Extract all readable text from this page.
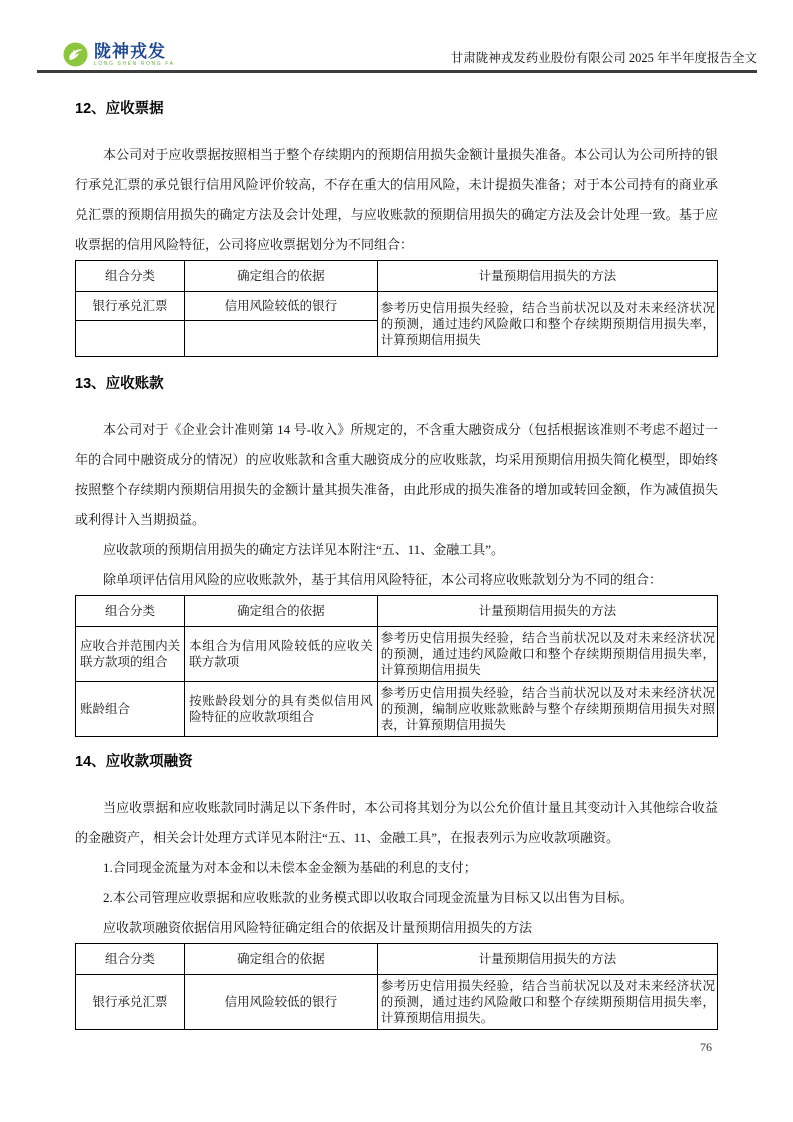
陇神戎发
LONG SHEN RONG FA	甘肃陇神戎发药业股份有限公司 2025 年半年度报告全文
12、应收票据

本公司对于应收票据按照相当于整个存续期内的预期信用损失金额计量损失准备。本公司认为公司所持的银行承兑汇票的承兑银行信用风险评价较高，不存在重大的信用风险，未计提损失准备；对于本公司持有的商业承兑汇票的预期信用损失的确定方法及会计处理，与应收账款的预期信用损失的确定方法及会计处理一致。基于应收票据的信用风险特征，公司将应收票据划分为不同组合：

组合分类	确定组合的依据	计量预期信用损失的方法
银行承兑汇票	信用风险较低的银行	参考历史信用损失经验，结合当前状况以及对未来经济状况的预测，通过违约风险敞口和整个存续期预期信用损失率，计算预期信用损失

13、应收账款

本公司对于《企业会计准则第 14 号-收入》所规定的，不含重大融资成分（包括根据该准则不考虑不超过一年的合同中融资成分的情况）的应收账款和含重大融资成分的应收账款，均采用预期信用损失简化模型，即始终按照整个存续期内预期信用损失的金额计量其损失准备，由此形成的损失准备的增加或转回金额，作为减值损失或利得计入当期损益。

应收款项的预期信用损失的确定方法详见本附注“五、11、金融工具”。

除单项评估信用风险的应收账款外，基于其信用风险特征，本公司将应收账款划分为不同的组合：

组合分类	确定组合的依据	计量预期信用损失的方法
应收合并范围内关联方款项的组合	本组合为信用风险较低的应收关联方款项	参考历史信用损失经验，结合当前状况以及对未来经济状况的预测，通过违约风险敞口和整个存续期预期信用损失率，计算预期信用损失
账龄组合	按账龄段划分的具有类似信用风险特征的应收款项组合	参考历史信用损失经验，结合当前状况以及对未来经济状况的预测，编制应收账款账龄与整个存续期预期信用损失对照表，计算预期信用损失
14、应收款项融资

当应收票据和应收账款同时满足以下条件时，本公司将其划分为以公允价值计量且其变动计入其他综合收益的金融资产，相关会计处理方式详见本附注“五、11、金融工具”，在报表列示为应收款项融资。

1.合同现金流量为对本金和以未偿本金金额为基础的利息的支付；

2.本公司管理应收票据和应收账款的业务模式即以收取合同现金流量为目标又以出售为目标。

应收款项融资依据信用风险特征确定组合的依据及计量预期信用损失的方法

组合分类	确定组合的依据	计量预期信用损失的方法
银行承兑汇票	信用风险较低的银行	参考历史信用损失经验，结合当前状况以及对未来经济状况的预测，通过违约风险敞口和整个存续期预期信用损失率，计算预期信用损失。
76
